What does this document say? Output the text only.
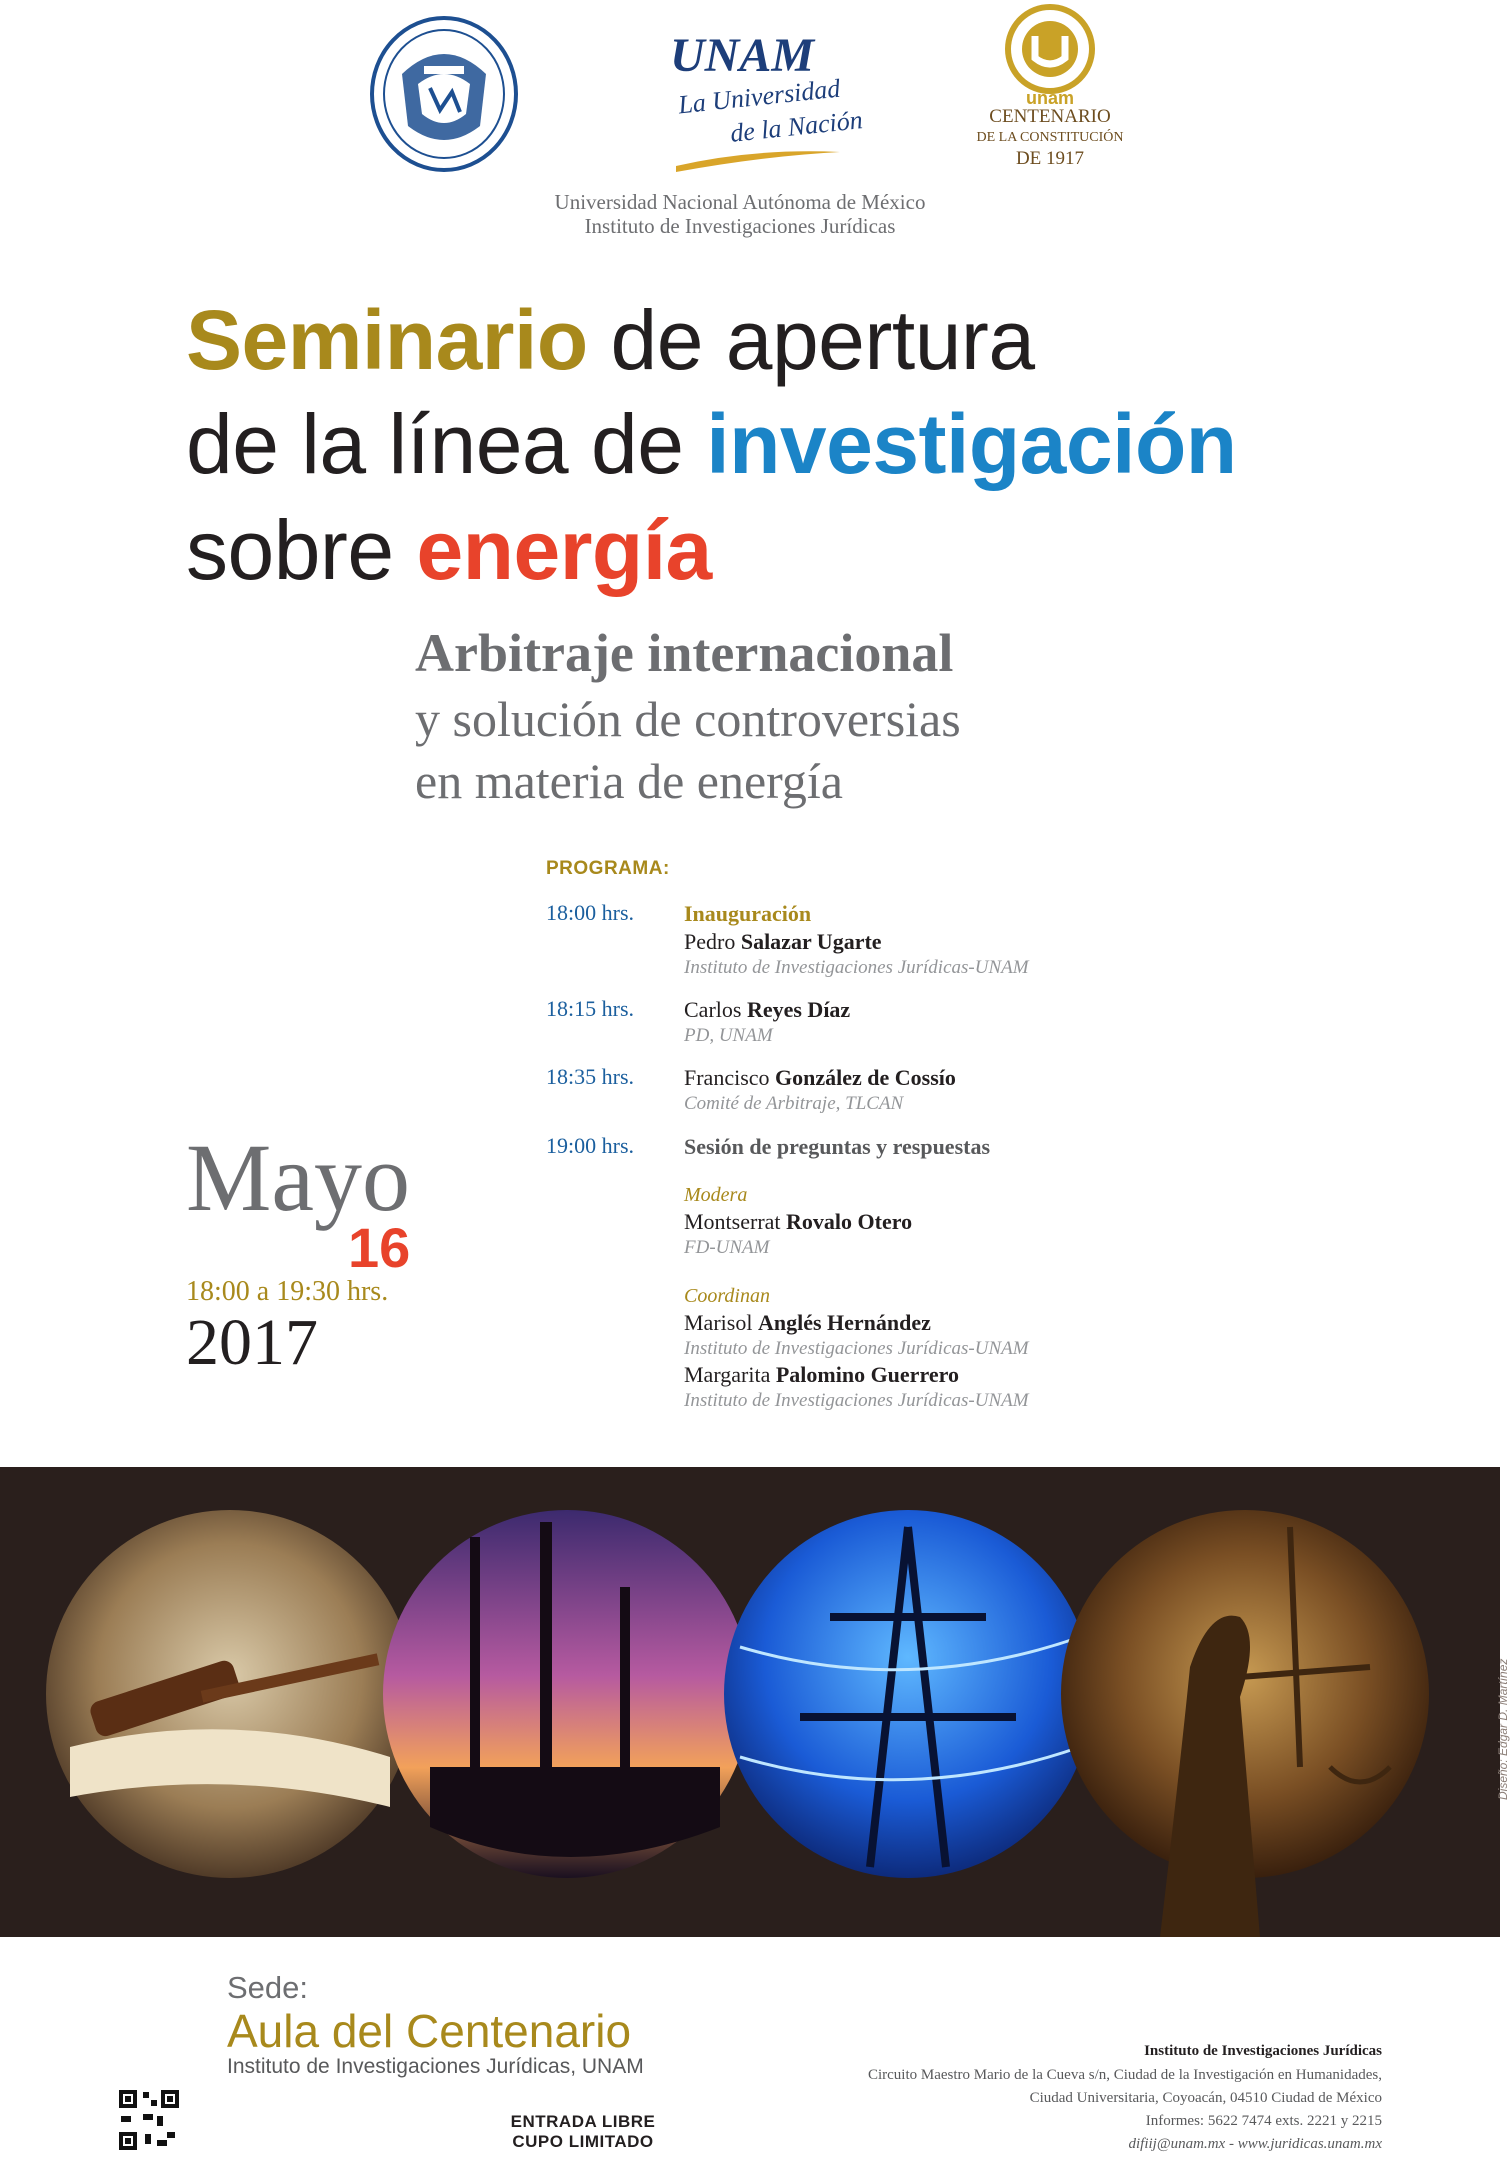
UNAM
La Universidad
de la Nación
unam
CENTENARIO
DE LA CONSTITUCIÓN
DE 1917
Universidad Nacional Autónoma de México
Instituto de Investigaciones Jurídicas
Seminario de apertura
de la línea de investigación
sobre energía
Arbitraje internacional
y solución de controversias
en materia de energía
PROGRAMA:
18:00 hrs. Inauguración
Pedro Salazar Ugarte
Instituto de Investigaciones Jurídicas-UNAM
18:15 hrs. Carlos Reyes Díaz
PD, UNAM
18:35 hrs. Francisco González de Cossío
Comité de Arbitraje, TLCAN
19:00 hrs. Sesión de preguntas y respuestas
Modera
Montserrat Rovalo Otero
FD-UNAM
Coordinan
Marisol Anglés Hernández
Instituto de Investigaciones Jurídicas-UNAM
Margarita Palomino Guerrero
Instituto de Investigaciones Jurídicas-UNAM
Mayo
16
18:00 a 19:30 hrs.
2017
Diseño: Edgar D. Martínez
Sede:
Aula del Centenario
Instituto de Investigaciones Jurídicas, UNAM
ENTRADA LIBRE
CUPO LIMITADO
Instituto de Investigaciones Jurídicas
Circuito Maestro Mario de la Cueva s/n, Ciudad de la Investigación en Humanidades,
Ciudad Universitaria, Coyoacán, 04510 Ciudad de México
Informes: 5622 7474 exts. 2221 y 2215
difiij@unam.mx - www.juridicas.unam.mx
